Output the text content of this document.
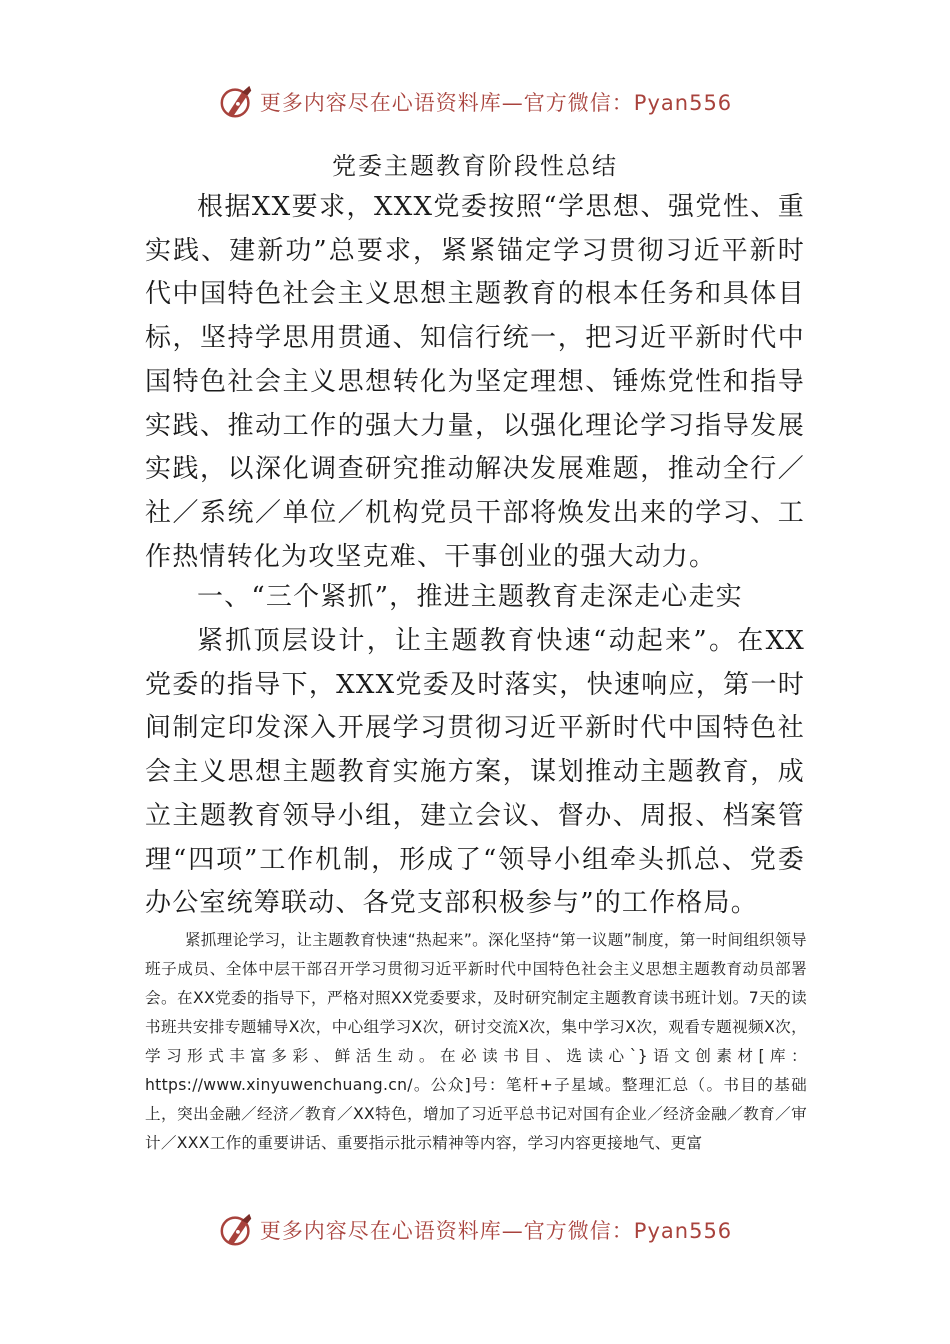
更多内容尽在心语资料库—官方微信：Pyan556
党委主题教育阶段性总结
根据XX要求，XXX党委按照“学思想、强党性、重实践、建新功”总要求，紧紧锚定学习贯彻习近平新时代中国特色社会主义思想主题教育的根本任务和具体目标，坚持学思用贯通、知信行统一，把习近平新时代中国特色社会主义思想转化为坚定理想、锤炼党性和指导实践、推动工作的强大力量，以强化理论学习指导发展实践，以深化调查研究推动解决发展难题，推动全行／社／系统／单位／机构党员干部将焕发出来的学习、工作热情转化为攻坚克难、干事创业的强大动力。
一、“三个紧抓”，推进主题教育走深走心走实
紧抓顶层设计，让主题教育快速“动起来”。在XX党委的指导下，XXX党委及时落实，快速响应，第一时间制定印发深入开展学习贯彻习近平新时代中国特色社会主义思想主题教育实施方案，谋划推动主题教育，成立主题教育领导小组，建立会议、督办、周报、档案管理“四项”工作机制，形成了“领导小组牵头抓总、党委办公室统筹联动、各党支部积极参与”的工作格局。
紧抓理论学习，让主题教育快速“热起来”。深化坚持“第一议题”制度，第一时间组织领导班子成员、全体中层干部召开学习贯彻习近平新时代中国特色社会主义思想主题教育动员部署会。在XX党委的指导下，严格对照XX党委要求，及时研究制定主题教育读书班计划。7天的读书班共安排专题辅导X次，中心组学习X次，研讨交流X次，集中学习X次，观看专题视频X次，学习形式丰富多彩、鲜活生动。在必读书目、选读心`}语文创素材[库：https://www.xinyuwenchuang.cn/。公众]号：笔杆+子星域。整理汇总（。书目的基础上，突出金融／经济／教育／XX特色，增加了习近平总书记对国有企业／经济金融／教育／审计／XXX工作的重要讲话、重要指示批示精神等内容，学习内容更接地气、更富
更多内容尽在心语资料库—官方微信：Pyan556
